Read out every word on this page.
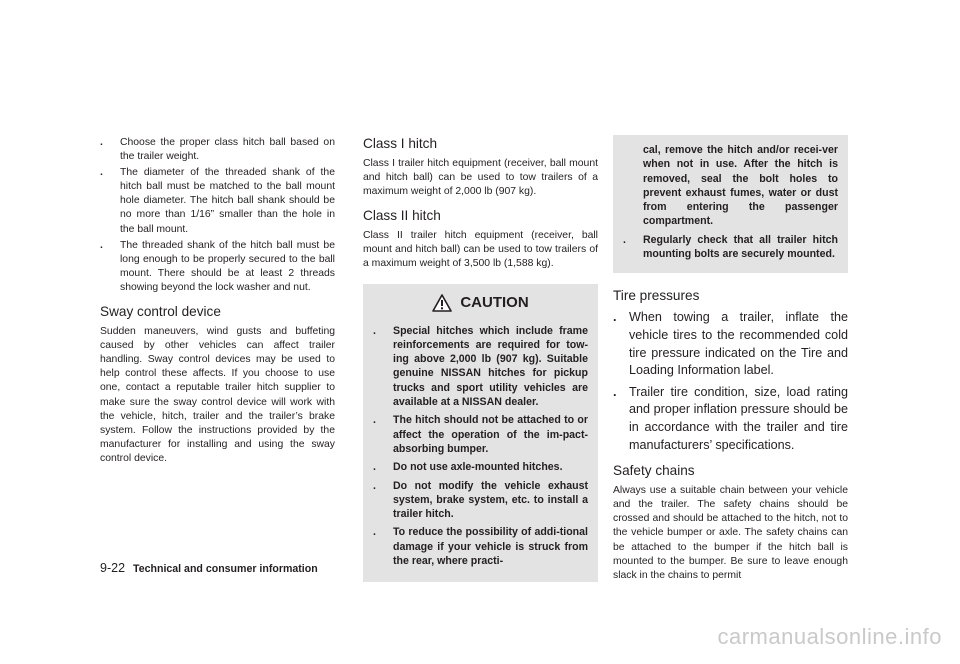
. Choose the proper class hitch ball based on the trailer weight.
. The diameter of the threaded shank of the hitch ball must be matched to the ball mount hole diameter. The hitch ball shank should be no more than 1/16” smaller than the hole in the ball mount.
. The threaded shank of the hitch ball must be long enough to be properly secured to the ball mount. There should be at least 2 threads showing beyond the lock washer and nut.
Sway control device

Sudden maneuvers, wind gusts and buffeting caused by other vehicles can affect trailer handling. Sway control devices may be used to help control these affects. If you choose to use one, contact a reputable trailer hitch supplier to make sure the sway control device will work with the vehicle, hitch, trailer and the trailer’s brake system. Follow the instructions provided by the manufacturer for installing and using the sway control device.

Class I hitch

Class I trailer hitch equipment (receiver, ball mount and hitch ball) can be used to tow trailers of a maximum weight of 2,000 lb (907 kg).

Class II hitch

Class II trailer hitch equipment (receiver, ball mount and hitch ball) can be used to tow trailers of a maximum weight of 3,500 lb (1,588 kg).

CAUTION
. Special hitches which include frame reinforcements are required for tow-ing above 2,000 lb (907 kg). Suitable genuine NISSAN hitches for pickup trucks and sport utility vehicles are available at a NISSAN dealer.
. The hitch should not be attached to or affect the operation of the im-pact-absorbing bumper.
. Do not use axle-mounted hitches.
. Do not modify the vehicle exhaust system, brake system, etc. to install a trailer hitch.
. To reduce the possibility of addi-tional damage if your vehicle is struck from the rear, where practi-

cal, remove the hitch and/or recei-ver when not in use. After the hitch is removed, seal the bolt holes to prevent exhaust fumes, water or dust from entering the passenger compartment.

. Regularly check that all trailer hitch mounting bolts are securely mounted.
Tire pressures
. When towing a trailer, inflate the vehicle tires to the recommended cold tire pressure indicated on the Tire and Loading Information label.
. Trailer tire condition, size, load rating and proper inflation pressure should be in accordance with the trailer and tire manufacturers’ specifications.
Safety chains

Always use a suitable chain between your vehicle and the trailer. The safety chains should be crossed and should be attached to the hitch, not to the vehicle bumper or axle. The safety chains can be attached to the bumper if the hitch ball is mounted to the bumper. Be sure to leave enough slack in the chains to permit

9-22 Technical and consumer information
carmanualsonline.info
